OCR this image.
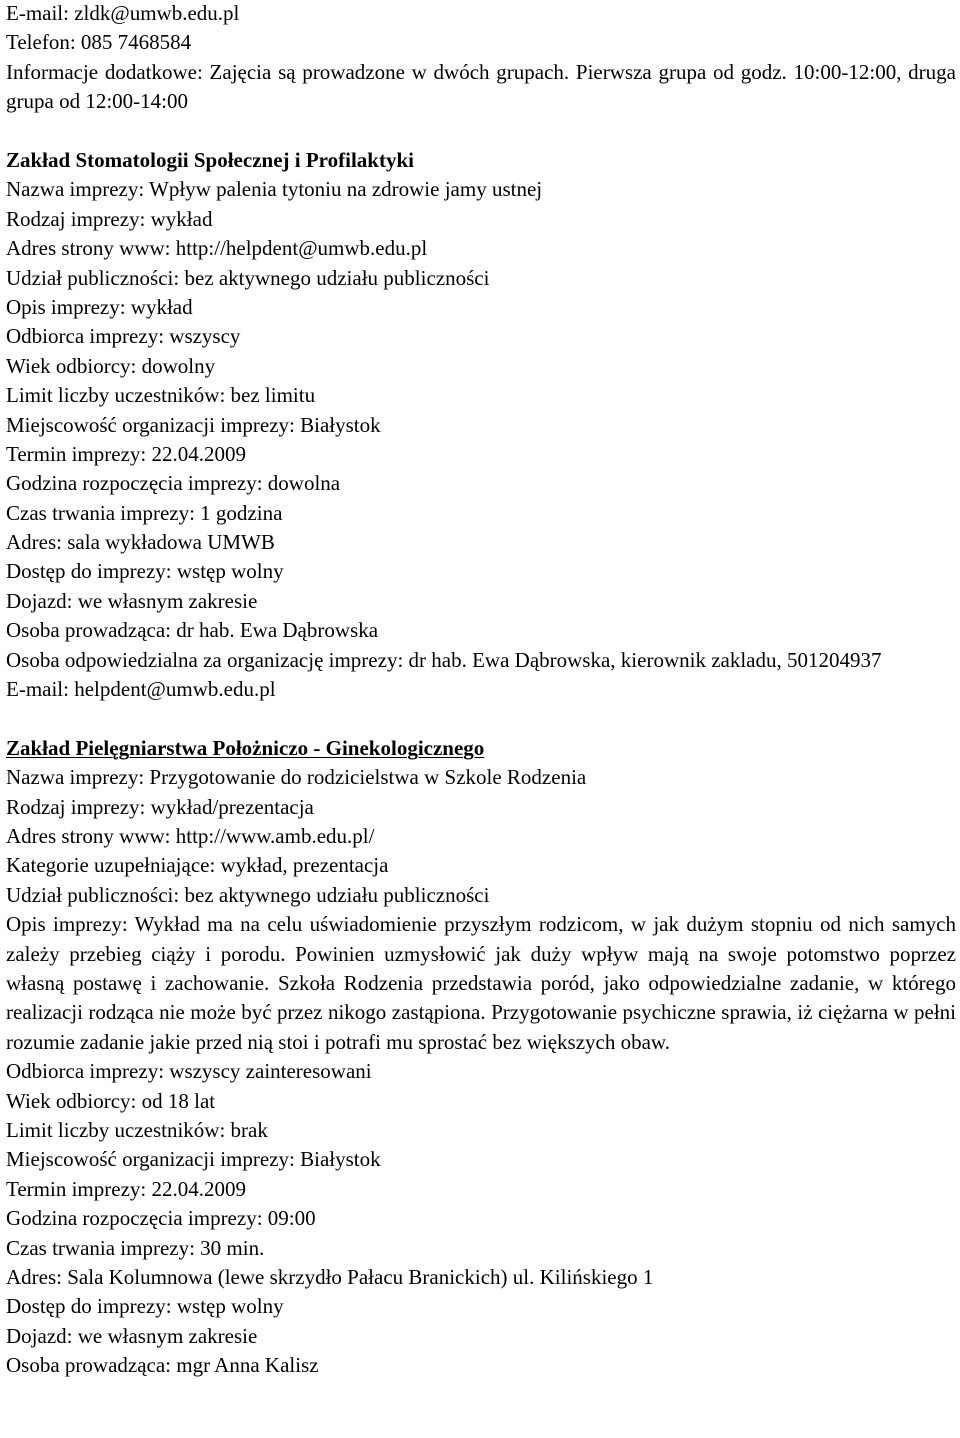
E-mail: zldk@umwb.edu.pl
Telefon: 085 7468584
Informacje dodatkowe: Zajęcia są prowadzone w dwóch grupach. Pierwsza grupa od godz. 10:00-12:00, druga grupa od 12:00-14:00
Zakład Stomatologii Społecznej i Profilaktyki
Nazwa imprezy: Wpływ palenia tytoniu na zdrowie jamy ustnej
Rodzaj imprezy: wykład
Adres strony www: http://helpdent@umwb.edu.pl
Udział publiczności: bez aktywnego udziału publiczności
Opis imprezy: wykład
Odbiorca imprezy: wszyscy
Wiek odbiorcy: dowolny
Limit liczby uczestników: bez limitu
Miejscowość organizacji imprezy: Białystok
Termin imprezy: 22.04.2009
Godzina rozpoczęcia imprezy: dowolna
Czas trwania imprezy: 1 godzina
Adres: sala wykładowa UMWB
Dostęp do imprezy: wstęp wolny
Dojazd: we własnym zakresie
Osoba prowadząca: dr hab. Ewa Dąbrowska
Osoba odpowiedzialna za organizację imprezy: dr hab. Ewa Dąbrowska, kierownik zakladu, 501204937
E-mail: helpdent@umwb.edu.pl
Zakład Pielęgniarstwa Położniczo - Ginekologicznego
Nazwa imprezy: Przygotowanie do rodzicielstwa w Szkole Rodzenia
Rodzaj imprezy: wykład/prezentacja
Adres strony www: http://www.amb.edu.pl/
Kategorie uzupełniające: wykład, prezentacja
Udział publiczności: bez aktywnego udziału publiczności
Opis imprezy: Wykład ma na celu uświadomienie przyszłym rodzicom, w jak dużym stopniu od nich samych zależy przebieg ciąży i porodu. Powinien uzmysłowić jak duży wpływ mają na swoje potomstwo poprzez własną postawę i zachowanie. Szkoła Rodzenia przedstawia poród, jako odpowiedzialne zadanie, w którego realizacji rodząca nie może być przez nikogo zastąpiona. Przygotowanie psychiczne sprawia, iż ciężarna w pełni rozumie zadanie jakie przed nią stoi i potrafi mu sprostać bez większych obaw.
Odbiorca imprezy: wszyscy zainteresowani
Wiek odbiorcy: od 18 lat
Limit liczby uczestników: brak
Miejscowość organizacji imprezy: Białystok
Termin imprezy: 22.04.2009
Godzina rozpoczęcia imprezy: 09:00
Czas trwania imprezy: 30 min.
Adres: Sala Kolumnowa (lewe skrzydło Pałacu Branickich) ul. Kilińskiego 1
Dostęp do imprezy: wstęp wolny
Dojazd: we własnym zakresie
Osoba prowadząca: mgr Anna Kalisz
